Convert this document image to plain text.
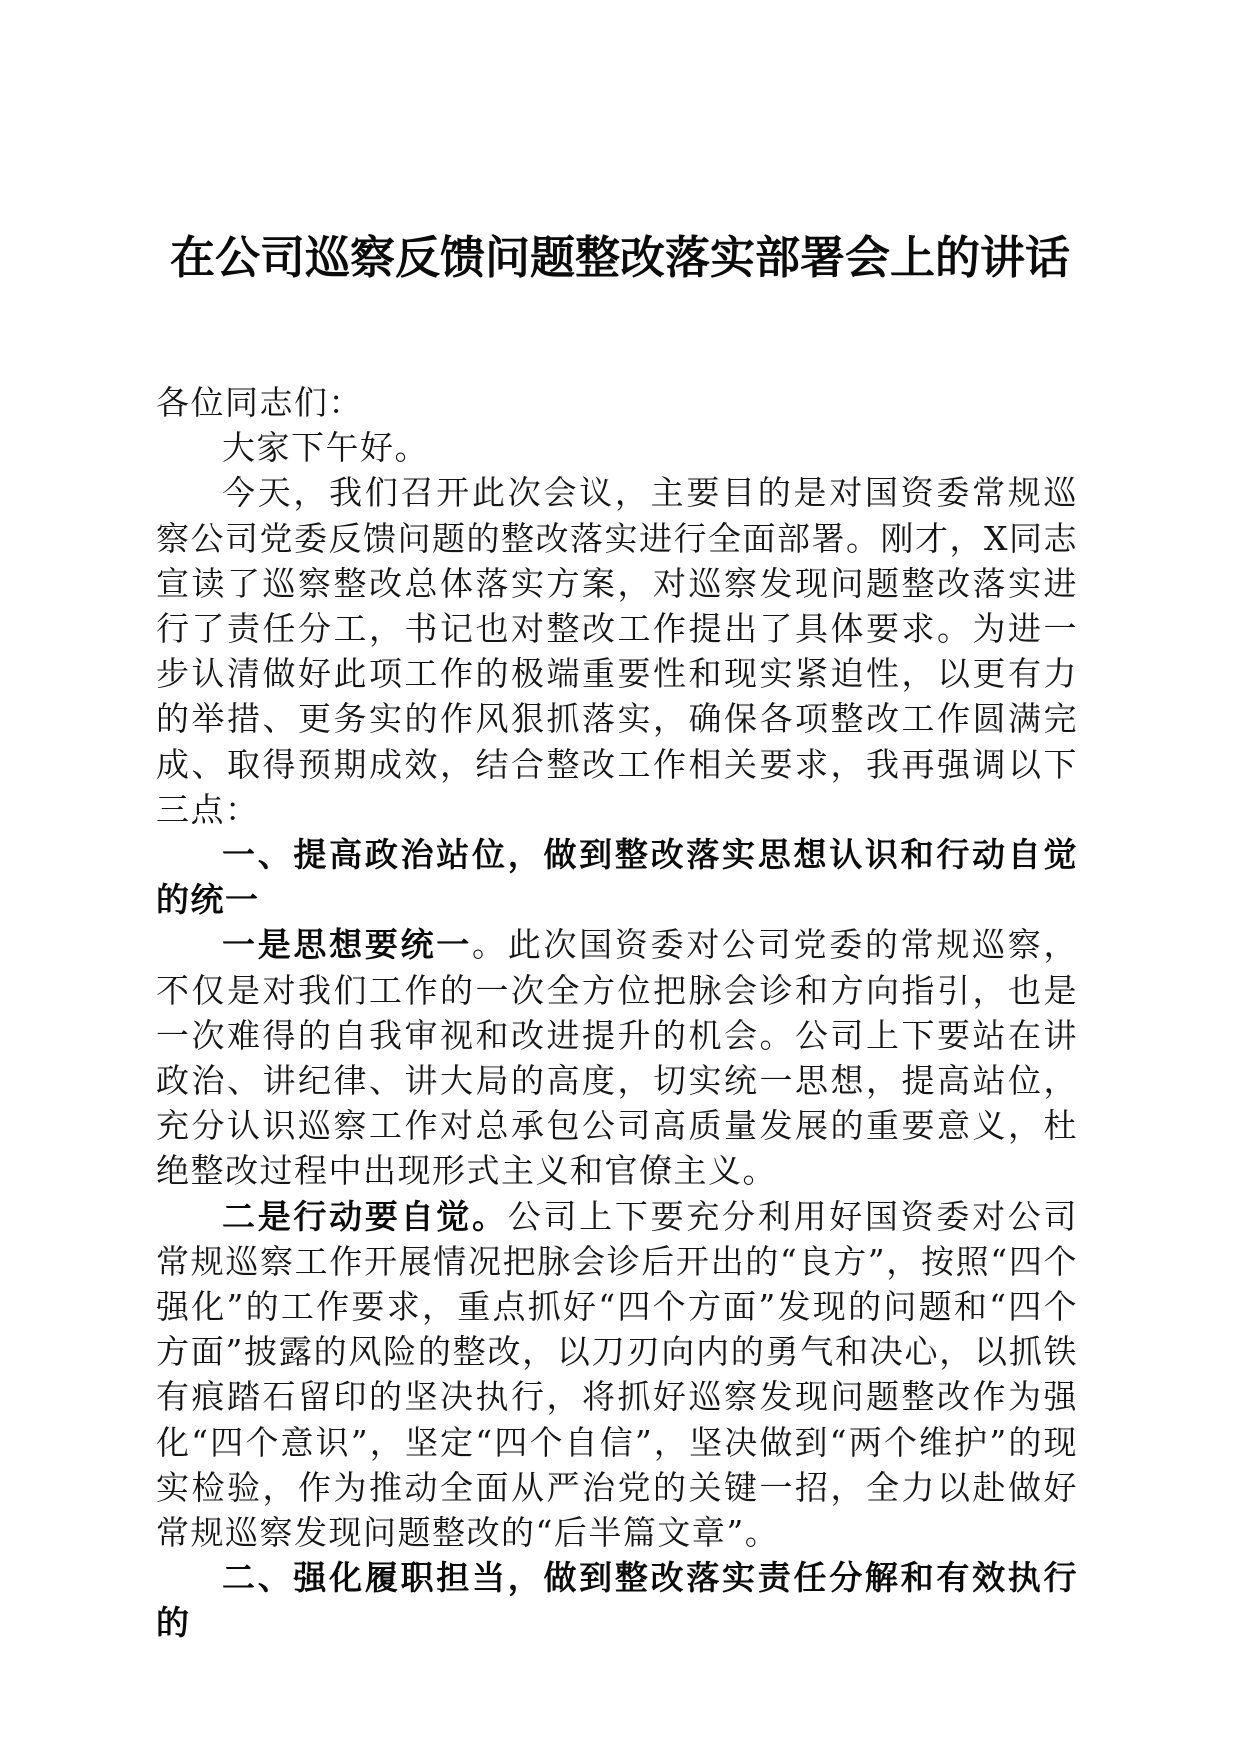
在公司巡察反馈问题整改落实部署会上的讲话

各位同志们：

大家下午好。

今天，我们召开此次会议，主要目的是对国资委常规巡察公司党委反馈问题的整改落实进行全面部署。刚才，X同志宣读了巡察整改总体落实方案，对巡察发现问题整改落实进行了责任分工，书记也对整改工作提出了具体要求。为进一步认清做好此项工作的极端重要性和现实紧迫性，以更有力的举措、更务实的作风狠抓落实，确保各项整改工作圆满完成、取得预期成效，结合整改工作相关要求，我再强调以下三点：

一、提高政治站位，做到整改落实思想认识和行动自觉的统一

一是思想要统一。此次国资委对公司党委的常规巡察，不仅是对我们工作的一次全方位把脉会诊和方向指引，也是一次难得的自我审视和改进提升的机会。公司上下要站在讲政治、讲纪律、讲大局的高度，切实统一思想，提高站位，充分认识巡察工作对总承包公司高质量发展的重要意义，杜绝整改过程中出现形式主义和官僚主义。

二是行动要自觉。公司上下要充分利用好国资委对公司常规巡察工作开展情况把脉会诊后开出的“良方”，按照“四个强化”的工作要求，重点抓好“四个方面”发现的问题和“四个方面”披露的风险的整改，以刀刃向内的勇气和决心，以抓铁有痕踏石留印的坚决执行，将抓好巡察发现问题整改作为强化“四个意识”，坚定“四个自信”，坚决做到“两个维护”的现实检验，作为推动全面从严治党的关键一招，全力以赴做好常规巡察发现问题整改的“后半篇文章”。

二、强化履职担当，做到整改落实责任分解和有效执行的
